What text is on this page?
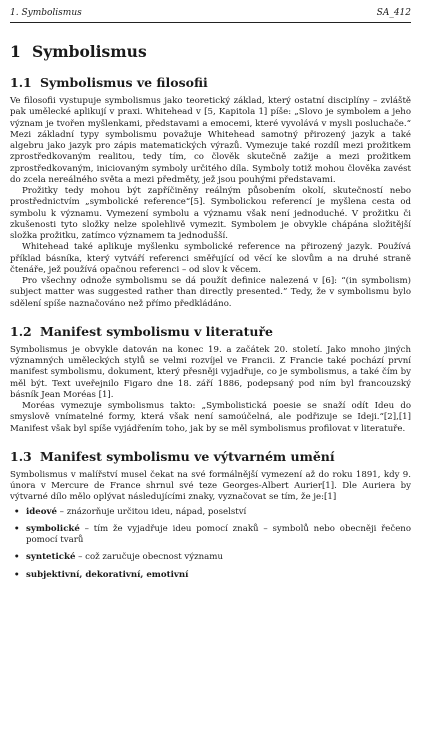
1. Symbolismus	SA_412
1 Symbolismus
1.1 Symbolismus ve filosofii

Ve filosofii vystupuje symbolismus jako teoretický základ, který ostatní disciplíny – zvláště pak umělecké aplikují v praxi. Whitehead v [5, Kapitola 1] píše: „Slovo je symbolem a jeho význam je tvořen myšlenkami, představami a emocemi, které vyvolává v mysli posluchače.“ Mezi základní typy symbolismu považuje Whitehead samotný přirozený jazyk a také algebru jako jazyk pro zápis matematických výrazů. Vymezuje také rozdíl mezi prožitkem zprostředkovaným realitou, tedy tím, co člověk skutečně zažije a mezi prožitkem zprostředkovaným, iniciovaným symboly určitého díla. Symboly totiž mohou člověka zavést do zcela nereálného světa a mezi předměty, jež jsou pouhými představami.

Prožitky tedy mohou být zapříčiněny reálným působením okolí, skutečností nebo prostřednictvím „symbolické reference“[5]. Symbolickou referencí je myšlena cesta od symbolu k významu. Vymezení symbolu a významu však není jednoduché. V prožitku či zkušenosti tyto složky nelze spolehlivě vymezit. Symbolem je obvykle chápána složitější složka prožitku, zatímco významem ta jednodušší.

Whitehead také aplikuje myšlenku symbolické reference na přirozený jazyk. Používá příklad básníka, který vytváří referenci směřující od věcí ke slovům a na druhé straně čtenáře, jež používá opačnou referenci – od slov k věcem.

Pro všechny odnože symbolismu se dá použít definice nalezená v [6]: “(in symbolism) subject matter was suggested rather than directly presented.” Tedy, že v symbolismu bylo sdělení spíše naznačováno než přímo předkládáno.

1.2 Manifest symbolismu v literatuře

Symbolismus je obvykle datován na konec 19. a začátek 20. století. Jako mnoho jiných významných uměleckých stylů se velmi rozvíjel ve Francii. Z Francie také pochází první manifest symbolismu, dokument, který přesněji vyjadřuje, co je symbolismus, a také čím by měl být. Text uveřejnilo Figaro dne 18. září 1886, podepsaný pod ním byl francouzský básník Jean Moréas [1].

Moréas vymezuje symbolismus takto: „Symbolistická poesie se snaží odít Ideu do smyslově vnímatelné formy, která však není samoúčelná, ale podřizuje se Ideji.“[2],[1] Manifest však byl spíše vyjádřením toho, jak by se měl symbolismus profilovat v literatuře.

1.3 Manifest symbolismu ve výtvarném umění

Symbolismus v malířství musel čekat na své formálnější vymezení až do roku 1891, kdy 9. února v Mercure de France shrnul své teze Georges-Albert Aurier[1]. Dle Auriera by výtvarné dílo mělo oplývat následujícími znaky, vyznačovat se tím, že je:[1]

• ideové – znázorňuje určitou ideu, nápad, poselství
• symbolické – tím že vyjadřuje ideu pomocí znaků – symbolů nebo obecněji řečeno pomocí tvarů
• syntetické – což zaručuje obecnost významu
• subjektivní, dekorativní, emotivní
